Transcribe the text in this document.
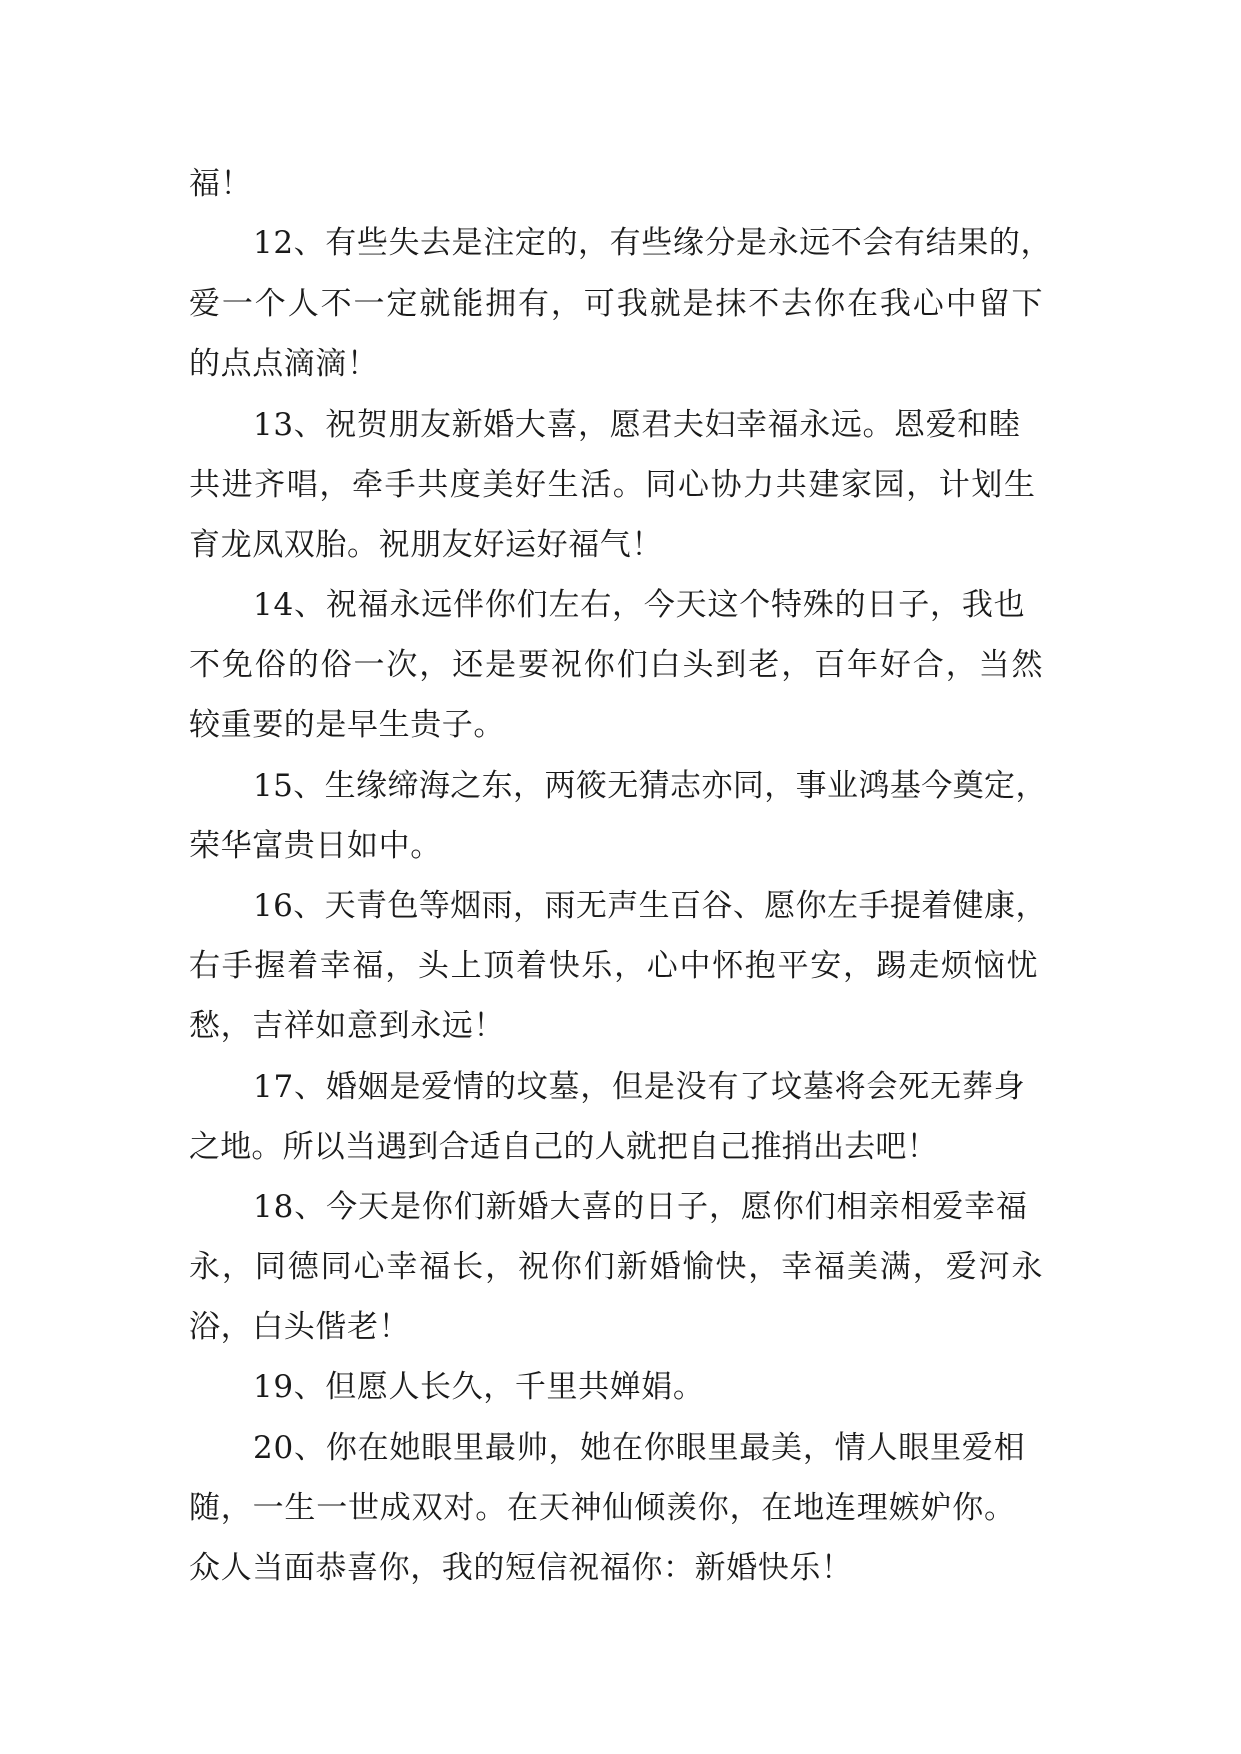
福！
12、有些失去是注定的，有些缘分是永远不会有结果的，
爱一个人不一定就能拥有，可我就是抹不去你在我心中留下
的点点滴滴！
13、祝贺朋友新婚大喜，愿君夫妇幸福永远。恩爱和睦
共进齐唱，牵手共度美好生活。同心协力共建家园，计划生
育龙凤双胎。祝朋友好运好福气！
14、祝福永远伴你们左右，今天这个特殊的日子，我也
不免俗的俗一次，还是要祝你们白头到老，百年好合，当然
较重要的是早生贵子。
15、生缘缔海之东，两筱无猜志亦同，事业鸿基今奠定，
荣华富贵日如中。
16、天青色等烟雨，雨无声生百谷、愿你左手提着健康，
右手握着幸福，头上顶着快乐，心中怀抱平安，踢走烦恼忧
愁，吉祥如意到永远！
17、婚姻是爱情的坟墓，但是没有了坟墓将会死无葬身
之地。所以当遇到合适自己的人就把自己推捎出去吧！
18、今天是你们新婚大喜的日子，愿你们相亲相爱幸福
永，同德同心幸福长，祝你们新婚愉快，幸福美满，爱河永
浴，白头偕老！
19、但愿人长久，千里共婵娟。
20、你在她眼里最帅，她在你眼里最美，情人眼里爱相
随，一生一世成双对。在天神仙倾羡你，在地连理嫉妒你。
众人当面恭喜你，我的短信祝福你：新婚快乐！
